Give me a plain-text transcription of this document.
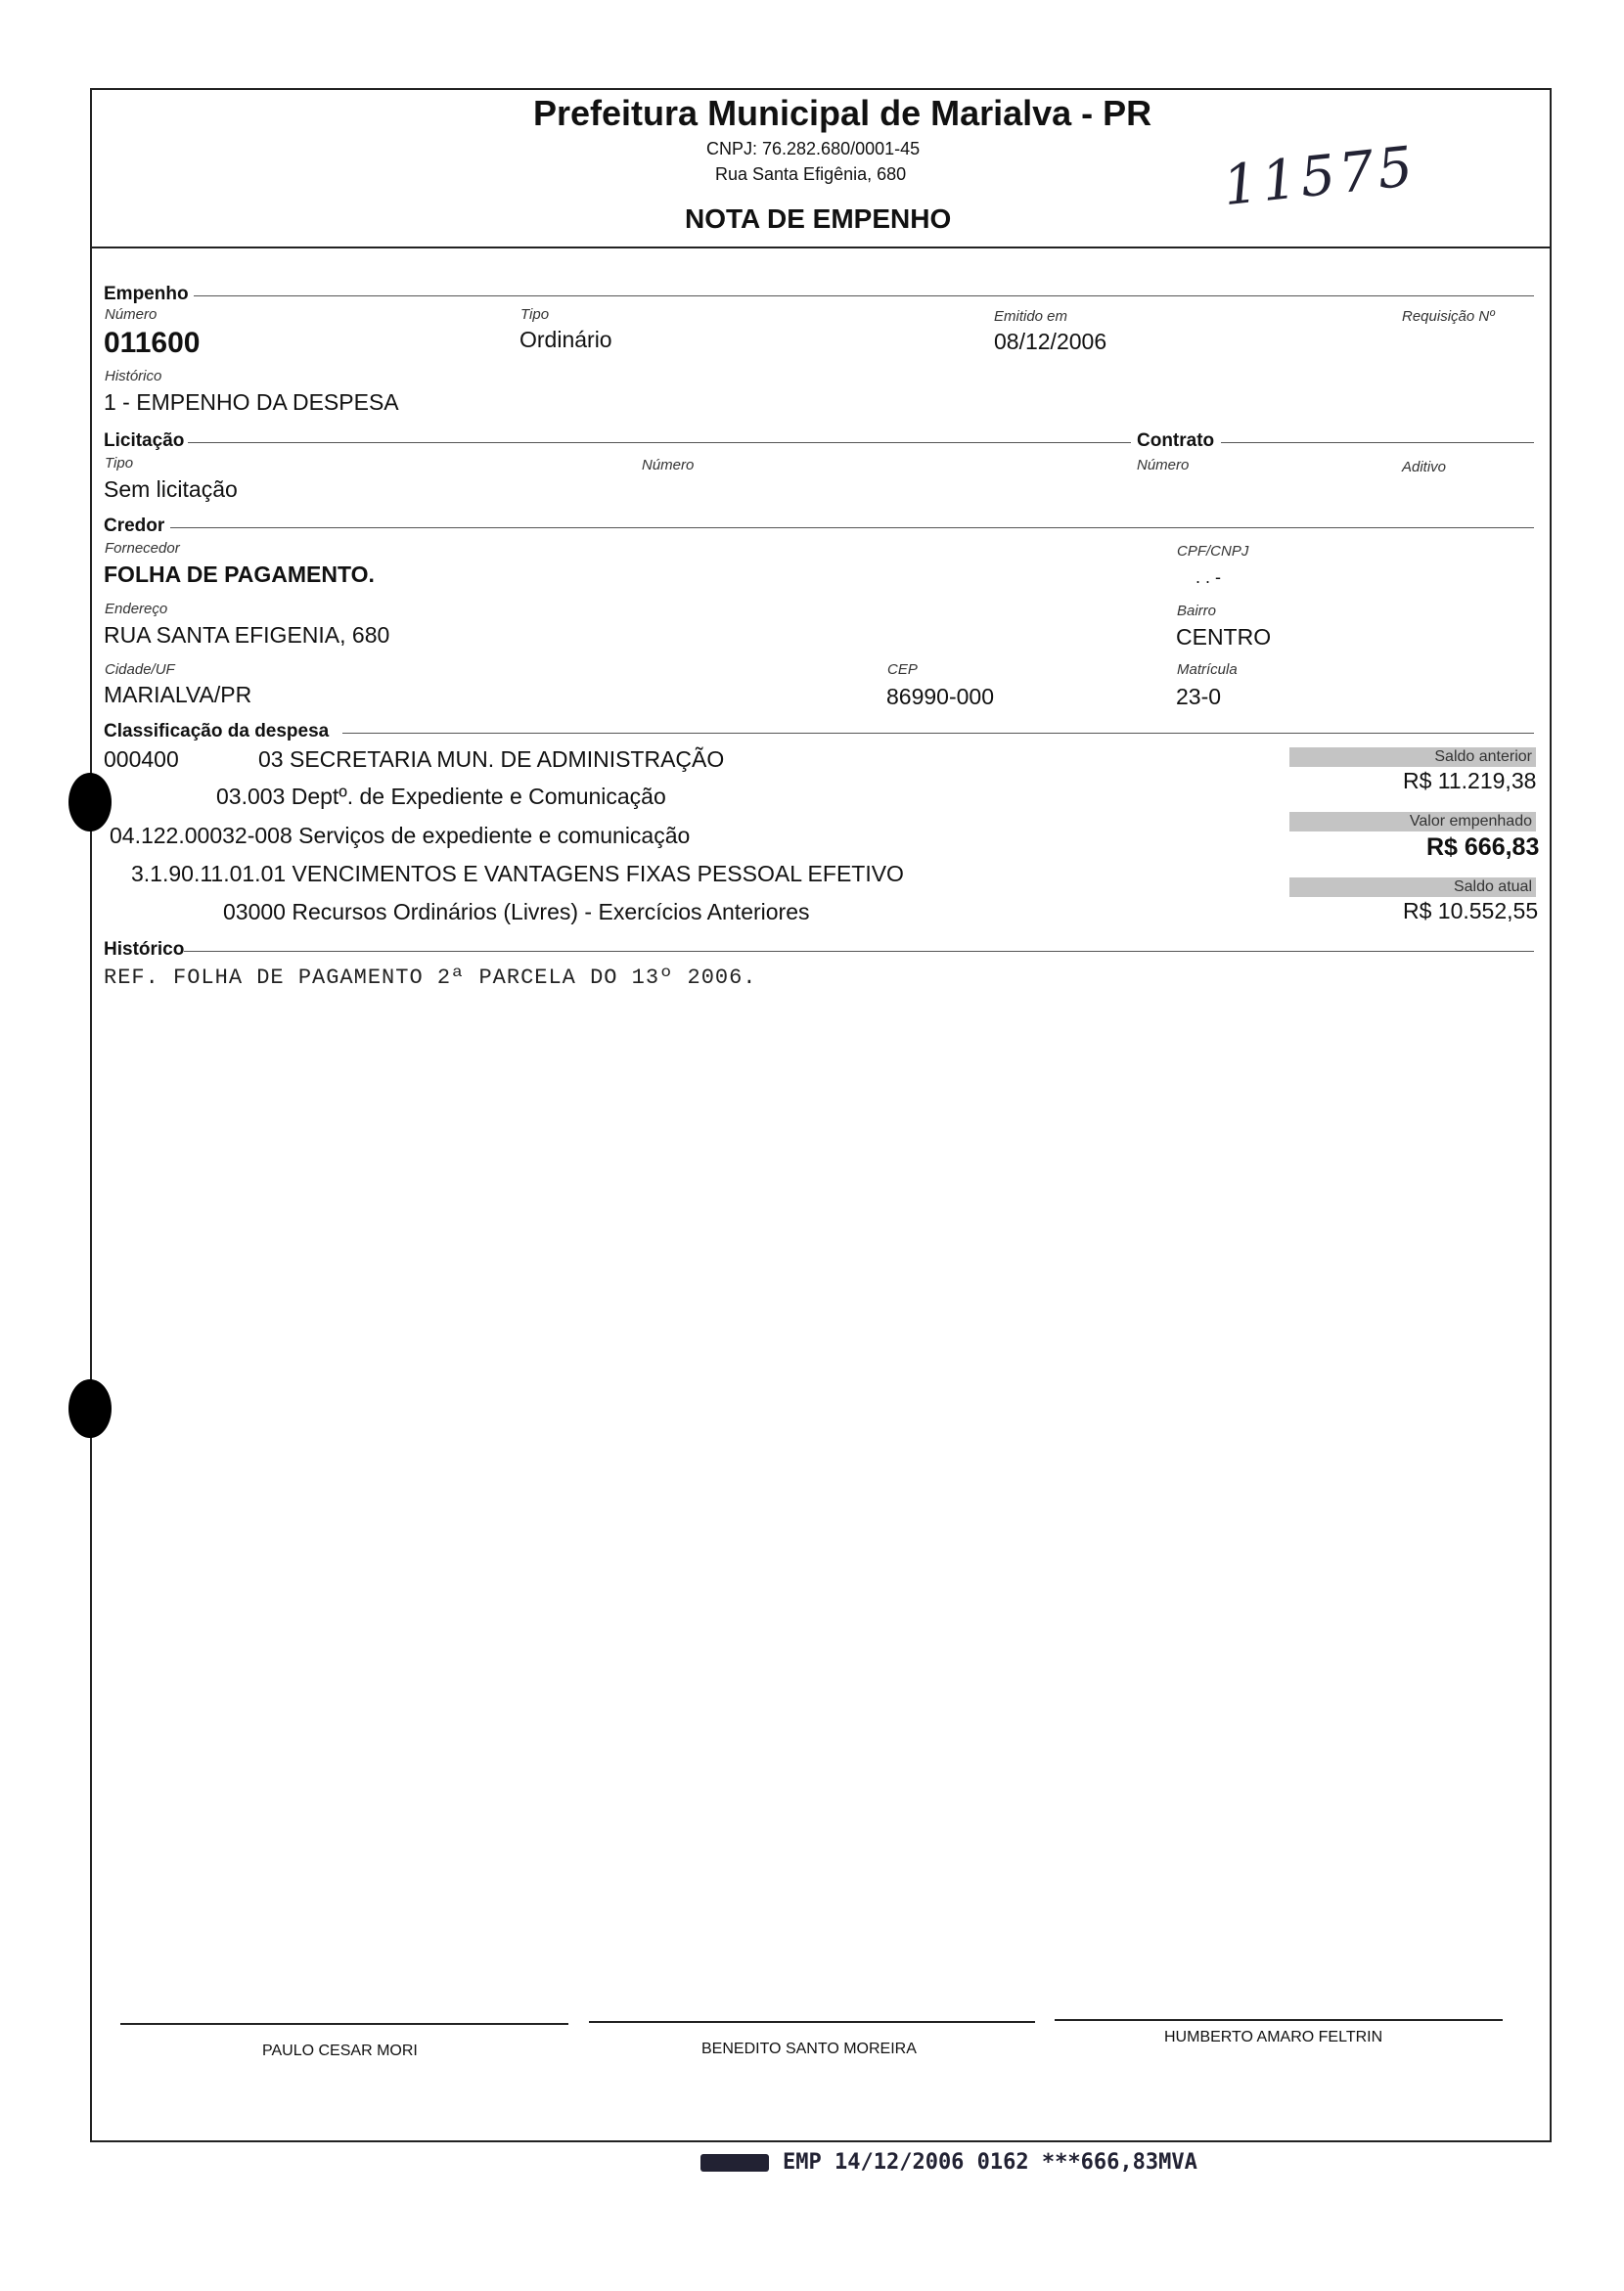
Prefeitura Municipal de Marialva - PR
CNPJ: 76.282.680/0001-45
Rua Santa Efigênia, 680
NOTA DE EMPENHO
11575
Empenho
Número
011600
Tipo
Ordinário
Emitido em
08/12/2006
Requisição Nº
Histórico
1 - EMPENHO DA DESPESA
Licitação	Contrato
Tipo
Sem licitação
Número	Número	Aditivo
Credor
Fornecedor
FOLHA DE PAGAMENTO.
CPF/CNPJ
. . -
Endereço
RUA SANTA EFIGENIA, 680
Bairro
CENTRO
Cidade/UF
MARIALVA/PR
CEP
86990-000
Matrícula
23-0
Classificação da despesa
000400	03 SECRETARIA MUN. DE ADMINISTRAÇÃO
03.003 Deptº. de Expediente e Comunicação
04.122.00032-008 Serviços de expediente e comunicação
3.1.90.11.01.01 VENCIMENTOS E VANTAGENS FIXAS PESSOAL EFETIVO
03000 Recursos Ordinários (Livres) - Exercícios Anteriores
Saldo anterior
R$ 11.219,38
Valor empenhado
R$ 666,83
Saldo atual
R$ 10.552,55
Histórico
REF. FOLHA DE PAGAMENTO 2ª PARCELA DO 13º 2006.
PAULO CESAR MORI	BENEDITO SANTO MOREIRA
HUMBERTO AMARO FELTRIN
EMP 14/12/2006 0162 ***666,83MVA
